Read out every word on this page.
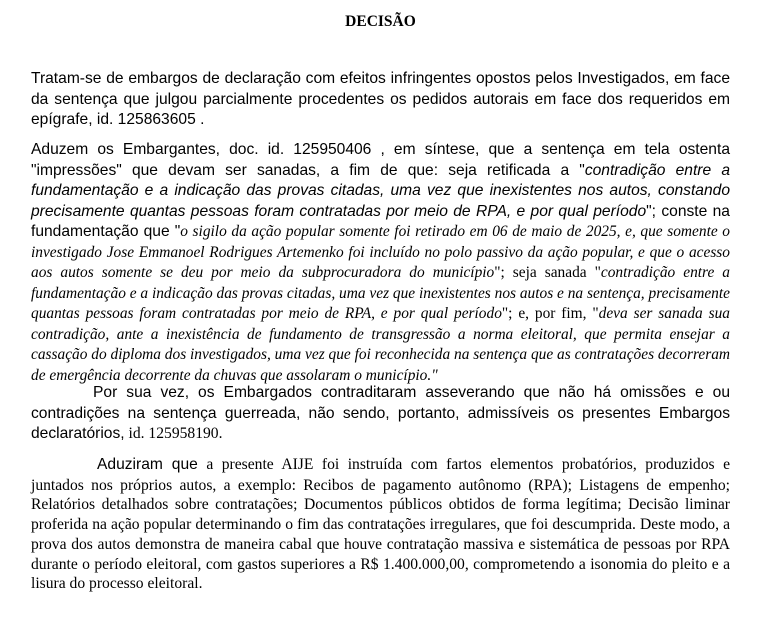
DECISÃO
Tratam-se de embargos de declaração com efeitos infringentes opostos pelos Investigados, em face da sentença que julgou parcialmente procedentes os pedidos autorais em face dos requeridos em epígrafe, id. 125863605 .
Aduzem os Embargantes, doc. id. 125950406 , em síntese, que a sentença em tela ostenta "impressões" que devam ser sanadas, a fim de que: seja retificada a "contradição entre a fundamentação e a indicação das provas citadas, uma vez que inexistentes nos autos, constando precisamente quantas pessoas foram contratadas por meio de RPA, e por qual período"; conste na fundamentação que "o sigilo da ação popular somente foi retirado em 06 de maio de 2025, e, que somente o investigado Jose Emmanoel Rodrigues Artemenko foi incluído no polo passivo da ação popular, e que o acesso aos autos somente se deu por meio da subprocuradora do município"; seja sanada "contradição entre a fundamentação e a indicação das provas citadas, uma vez que inexistentes nos autos e na sentença, precisamente quantas pessoas foram contratadas por meio de RPA, e por qual período"; e, por fim, "deva ser sanada sua contradição, ante a inexistência de fundamento de transgressão a norma eleitoral, que permita ensejar a cassação do diploma dos investigados, uma vez que foi reconhecida na sentença que as contratações decorreram de emergência decorrente da chuvas que assolaram o município."
Por sua vez, os Embargados contraditaram asseverando que não há omissões e ou contradições na sentença guerreada, não sendo, portanto, admissíveis os presentes Embargos declaratórios, id. 125958190.
Aduziram que a presente AIJE foi instruída com fartos elementos probatórios, produzidos e juntados nos próprios autos, a exemplo: Recibos de pagamento autônomo (RPA); Listagens de empenho; Relatórios detalhados sobre contratações; Documentos públicos obtidos de forma legítima; Decisão liminar proferida na ação popular determinando o fim das contratações irregulares, que foi descumprida. Deste modo, a prova dos autos demonstra de maneira cabal que houve contratação massiva e sistemática de pessoas por RPA durante o período eleitoral, com gastos superiores a R$ 1.400.000,00, comprometendo a isonomia do pleito e a lisura do processo eleitoral.
